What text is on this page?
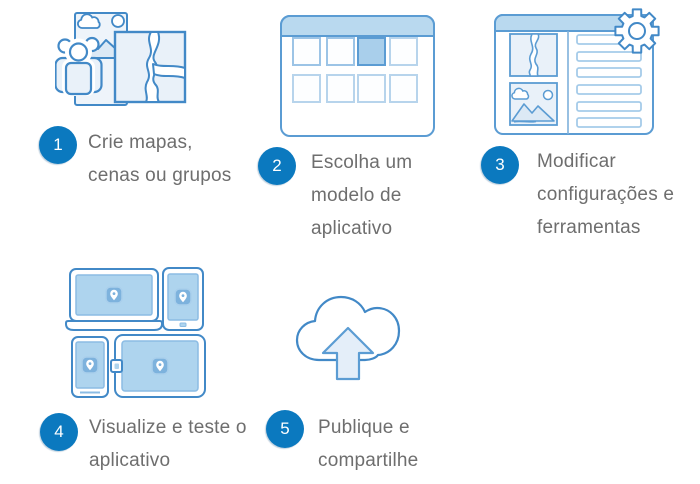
1
2	3
4	5
Crie mapas,
cenas ou grupos
Escolha um
modelo de
aplicativo
Modificar
configurações e
ferramentas
Visualize e teste o
aplicativo
Publique e
compartilhe
